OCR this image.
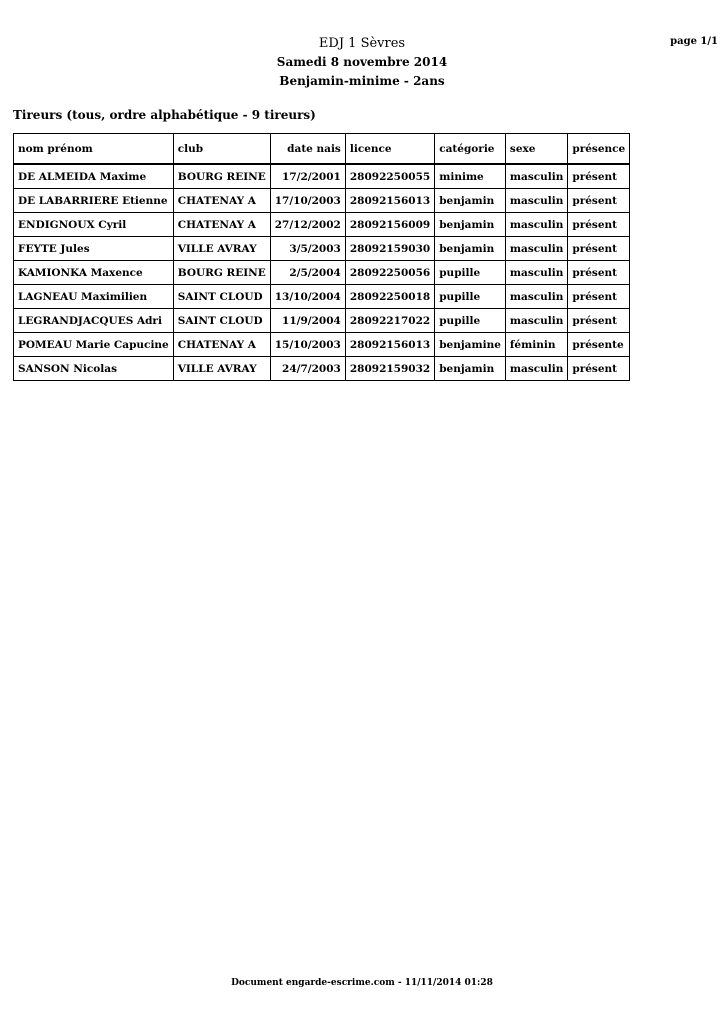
EDJ 1 Sèvres
Samedi 8 novembre 2014
Benjamin-minime - 2ans
page 1/1
Tireurs (tous, ordre alphabétique - 9 tireurs)
nom prénom	club	date nais	licence	catégorie	sexe	présence
DE ALMEIDA Maxime	BOURG REINE	17/2/2001	28092250055	minime	masculin	présent
DE LABARRIERE Etienne	CHATENAY A	17/10/2003	28092156013	benjamin	masculin	présent
ENDIGNOUX Cyril	CHATENAY A	27/12/2002	28092156009	benjamin	masculin	présent
FEYTE Jules	VILLE AVRAY	3/5/2003	28092159030	benjamin	masculin	présent
KAMIONKA Maxence	BOURG REINE	2/5/2004	28092250056	pupille	masculin	présent
LAGNEAU Maximilien	SAINT CLOUD	13/10/2004	28092250018	pupille	masculin	présent
LEGRANDJACQUES Adri	SAINT CLOUD	11/9/2004	28092217022	pupille	masculin	présent
POMEAU Marie Capucine	CHATENAY A	15/10/2003	28092156013	benjamine	féminin	présente
SANSON Nicolas	VILLE AVRAY	24/7/2003	28092159032	benjamin	masculin	présent
Document engarde-escrime.com - 11/11/2014 01:28
